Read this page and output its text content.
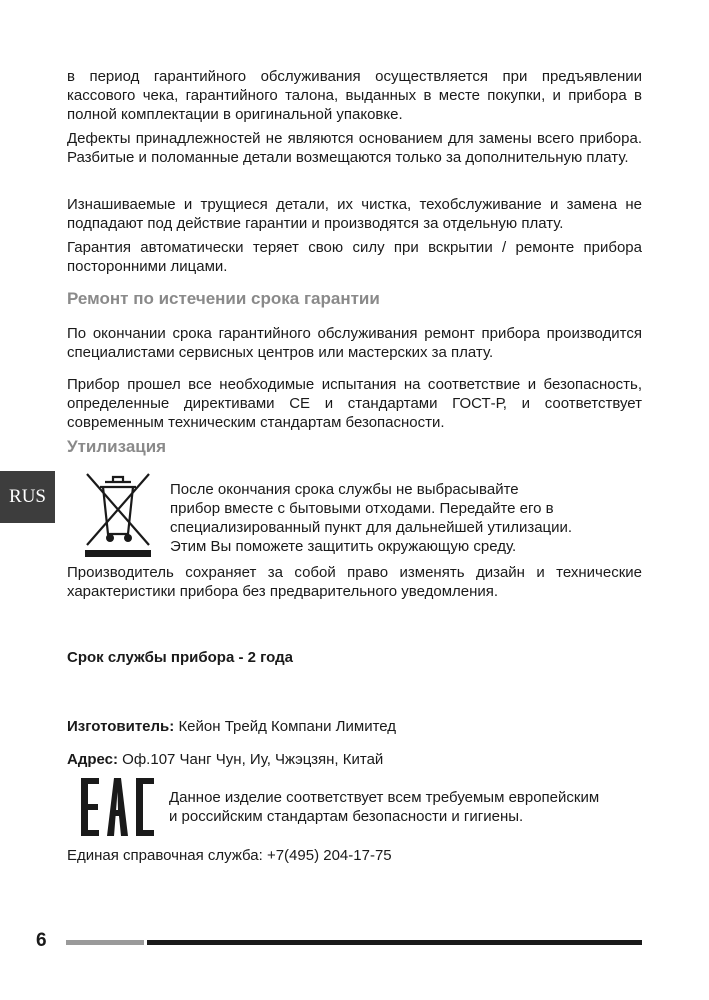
в период гарантийного обслуживания осуществляется при предъявлении кассового чека, гарантийного талона, выданных в месте покупки, и прибора в полной комплектации в оригинальной упаковке.

Дефекты принадлежностей не являются основанием для замены всего прибора. Разбитые и поломанные детали возмещаются только за дополнительную плату.

Изнашиваемые и трущиеся детали, их чистка, техобслуживание и замена не подпадают под действие гарантии и производятся за отдельную плату.

Гарантия автоматически теряет свою силу при вскрытии / ремонте прибора посторонними лицами.

Ремонт по истечении срока гарантии

По окончании срока гарантийного обслуживания ремонт прибора производится специалистами сервисных центров или мастерских за плату.

Прибор прошел все необходимые испытания на соответствие и безопасность, определенные директивами СЕ и стандартами ГОСТ-Р, и соответствует современным техническим стандартам безопасности.

Утилизация
RUS	После окончания срока службы не выбрасывайте
прибор вместе с бытовыми отходами. Передайте его в
специализированный пункт для дальнейшей утилизации.
Этим Вы поможете защитить окружающую среду.

Производитель сохраняет за собой право изменять дизайн и технические характеристики прибора без предварительного уведомления.

Срок службы прибора - 2 года

Изготовитель: Кейон Трейд Компани Лимитед

Адрес: Оф.107 Чанг Чун, Иу, Чжэцзян, Китай

Данное изделие соответствует всем требуемым европейским
и российским стандартам безопасности и гигиены.

Единая справочная служба: +7(495) 204-17-75

6
